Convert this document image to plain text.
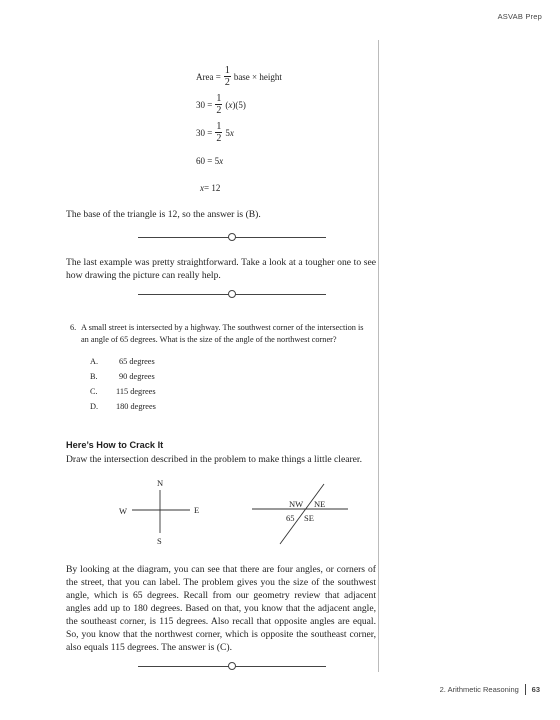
ASVAB Prep
Area = $\frac{1}{2}$ base × height
$30 = \frac{1}{2}$ ( x )(5)
$30 = \frac{1}{2} 5$ x
60 = 5 x
x = 12
The base of the triangle is 12, so the answer is (B).
The last example was pretty straightforward. Take a look at a tougher one to see how drawing the picture can really help.
6. A small street is intersected by a highway. The southwest corner of the intersection is an angle of 65 degrees. What is the size of the angle of the northwest corner?
A.	65 degrees
B.	90 degrees
C. 115 degrees
D. 180 degrees
Here’s How to Crack It
Draw the intersection described in the problem to make things a little clearer.
N
S
W	E
NW NE
65 SE
By looking at the diagram, you can see that there are four angles, or corners of the street, that you can label. The problem gives you the size of the southwest angle, which is 65 degrees. Recall from our geometry review that adjacent angles add up to 180 degrees. Based on that, you know that the adjacent angle, the southeast corner, is 115 degrees. Also recall that opposite angles are equal. So, you know that the northwest corner, which is opposite the southeast corner, also equals 115 degrees. The answer is (C).
2. Arithmetic Reasoning 63
